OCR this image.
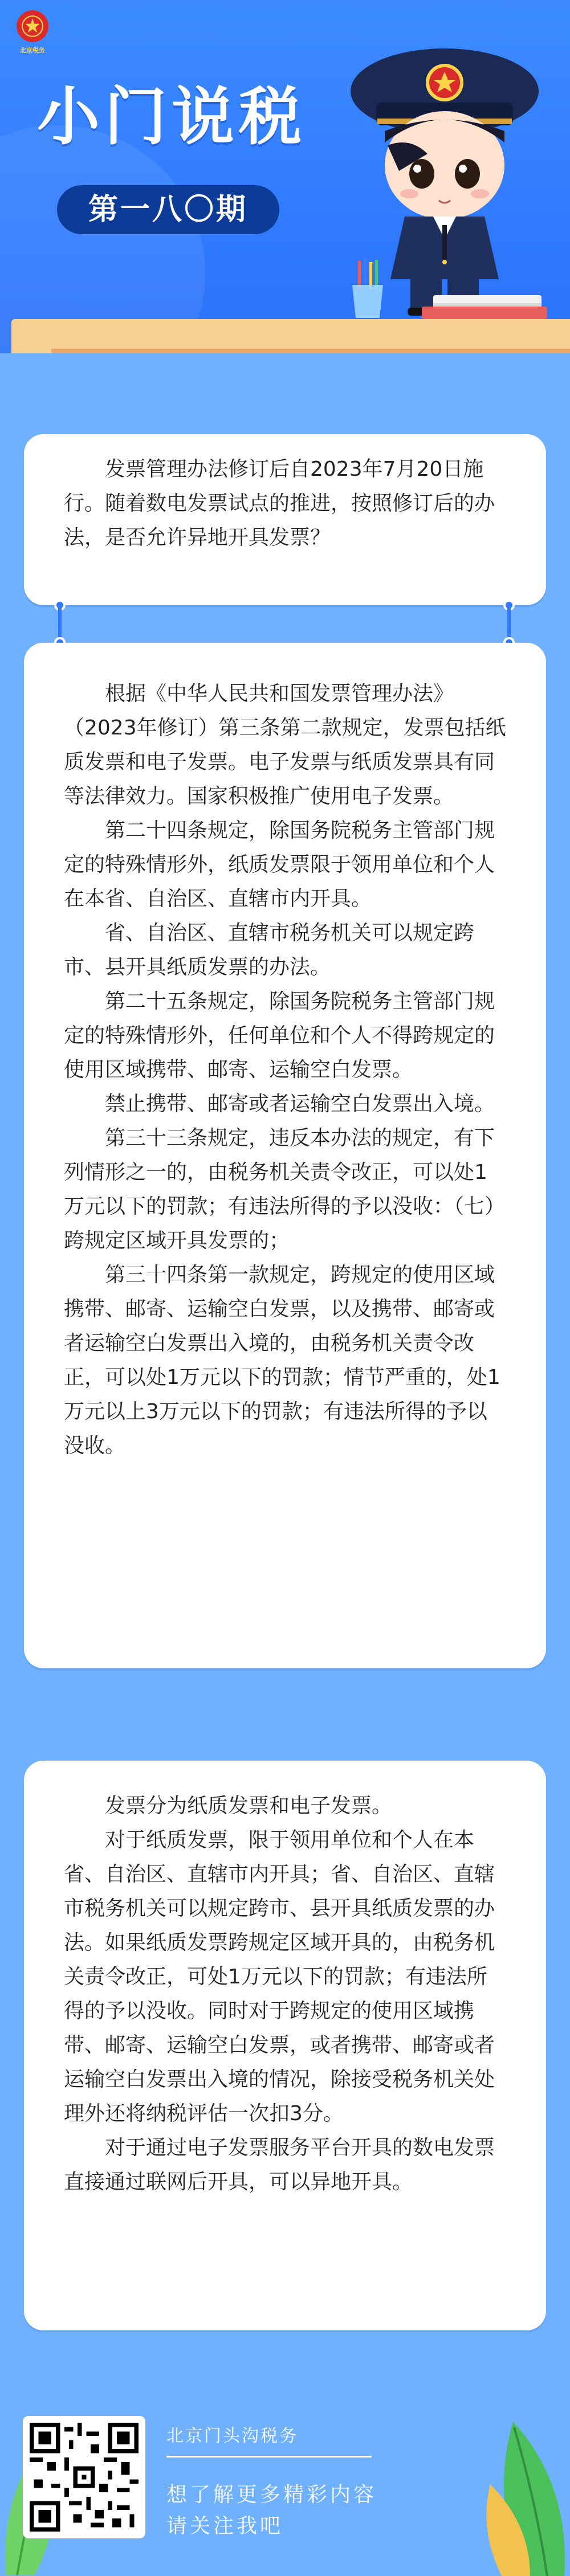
北京税务
小门说税
第一八〇期

发票管理办法修订后自2023年7月20日施行。随着数电发票试点的推进，按照修订后的办法，是否允许异地开具发票？

根据《中华人民共和国发票管理办法》（2023年修订）第三条第二款规定，发票包括纸质发票和电子发票。电子发票与纸质发票具有同等法律效力。国家积极推广使用电子发票。

第二十四条规定，除国务院税务主管部门规定的特殊情形外，纸质发票限于领用单位和个人在本省、自治区、直辖市内开具。

省、自治区、直辖市税务机关可以规定跨市、县开具纸质发票的办法。

第二十五条规定，除国务院税务主管部门规定的特殊情形外，任何单位和个人不得跨规定的使用区域携带、邮寄、运输空白发票。

禁止携带、邮寄或者运输空白发票出入境。

第三十三条规定，违反本办法的规定，有下列情形之一的，由税务机关责令改正，可以处1万元以下的罚款；有违法所得的予以没收：（七）跨规定区域开具发票的；

第三十四条第一款规定，跨规定的使用区域携带、邮寄、运输空白发票，以及携带、邮寄或者运输空白发票出入境的，由税务机关责令改正，可以处1万元以下的罚款；情节严重的，处1万元以上3万元以下的罚款；有违法所得的予以没收。

发票分为纸质发票和电子发票。

对于纸质发票，限于领用单位和个人在本省、自治区、直辖市内开具；省、自治区、直辖市税务机关可以规定跨市、县开具纸质发票的办法。如果纸质发票跨规定区域开具的，由税务机关责令改正，可处1万元以下的罚款；有违法所得的予以没收。同时对于跨规定的使用区域携带、邮寄、运输空白发票，或者携带、邮寄或者运输空白发票出入境的情况，除接受税务机关处理外还将纳税评估一次扣3分。

对于通过电子发票服务平台开具的数电发票直接通过联网后开具，可以异地开具。

北京门头沟税务
想了解更多精彩内容
请关注我吧
